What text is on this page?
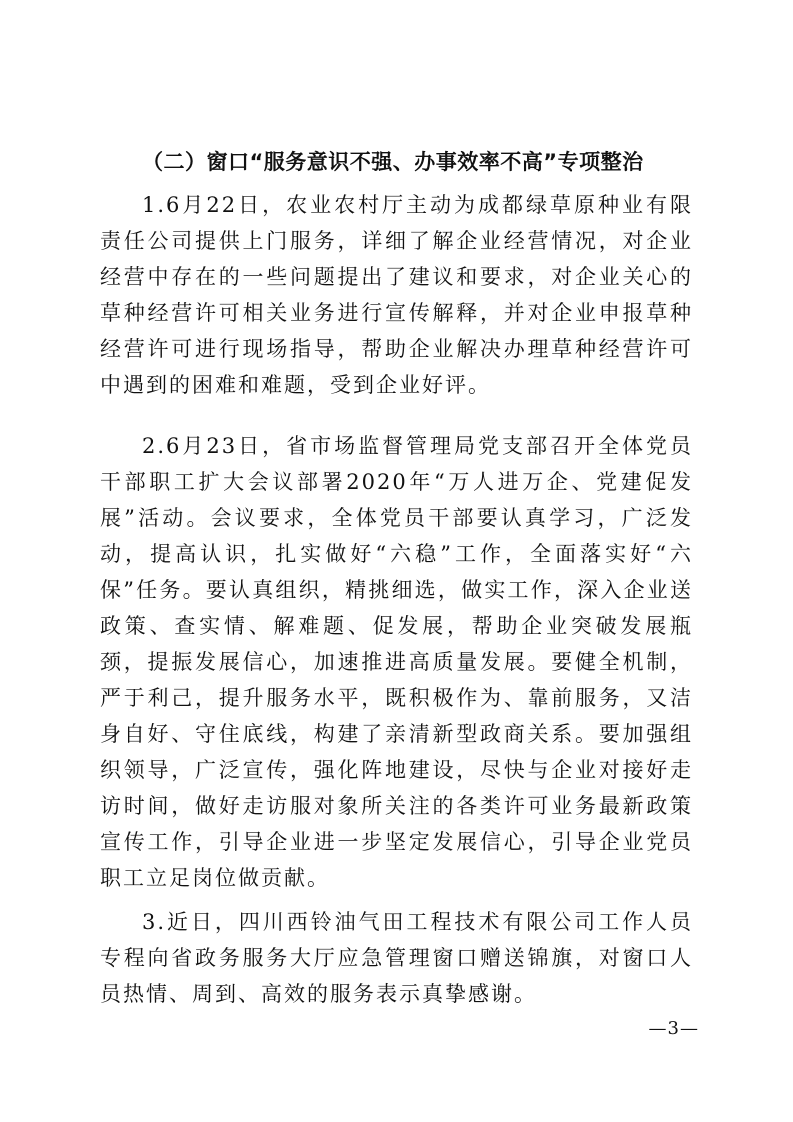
（二）窗口“服务意识不强、办事效率不高”专项整治

1.6月22日，农业农村厅主动为成都绿草原种业有限责任公司提供上门服务，详细了解企业经营情况，对企业经营中存在的一些问题提出了建议和要求，对企业关心的草种经营许可相关业务进行宣传解释，并对企业申报草种经营许可进行现场指导，帮助企业解决办理草种经营许可中遇到的困难和难题，受到企业好评。

2.6月23日，省市场监督管理局党支部召开全体党员干部职工扩大会议部署2020年“万人进万企、党建促发展”活动。会议要求，全体党员干部要认真学习，广泛发动，提高认识，扎实做好“六稳”工作，全面落实好“六保”任务。要认真组织，精挑细选，做实工作，深入企业送政策、查实情、解难题、促发展，帮助企业突破发展瓶颈，提振发展信心，加速推进高质量发展。要健全机制，严于利己，提升服务水平，既积极作为、靠前服务，又洁身自好、守住底线，构建了亲清新型政商关系。要加强组织领导，广泛宣传，强化阵地建设，尽快与企业对接好走访时间，做好走访服对象所关注的各类许可业务最新政策宣传工作，引导企业进一步坚定发展信心，引导企业党员职工立足岗位做贡献。

3.近日，四川西铃油气田工程技术有限公司工作人员专程向省政务服务大厅应急管理窗口赠送锦旗，对窗口人员热情、周到、高效的服务表示真挚感谢。

—3—
